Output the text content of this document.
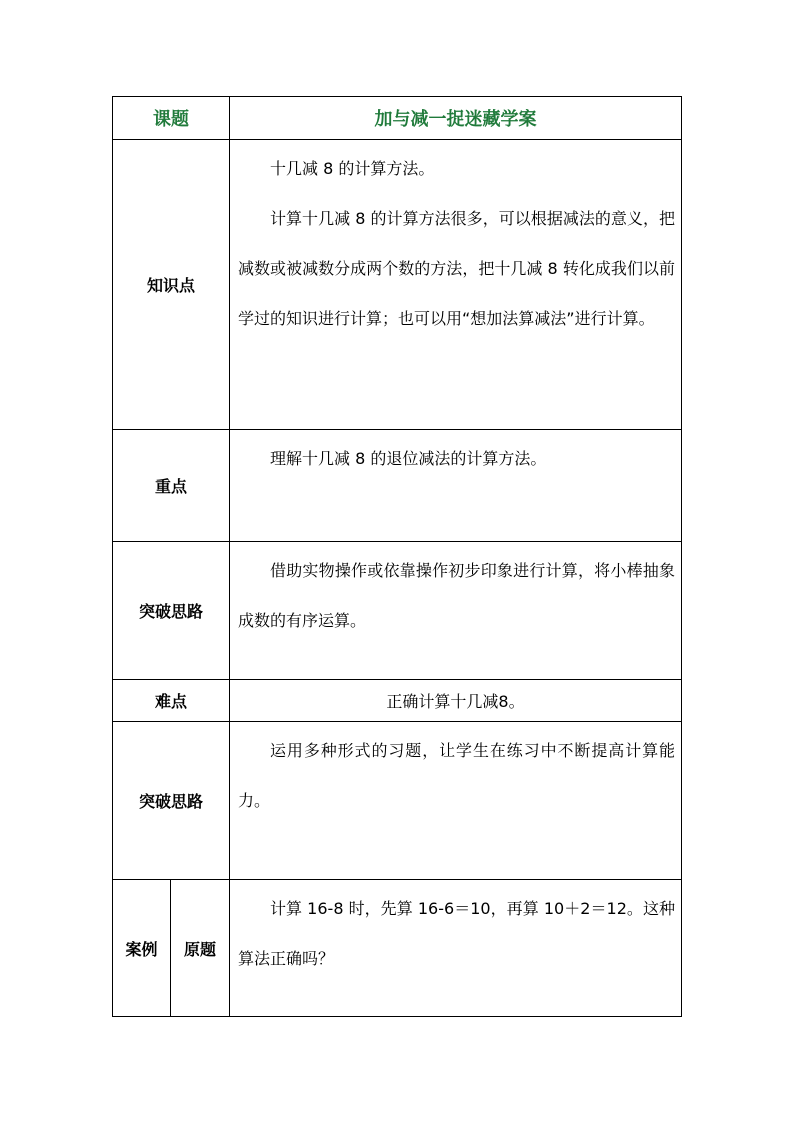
课题		加与减一捉迷藏学案
知识点		十几减 8 的计算方法。

计算十几减 8 的计算方法很多，可以根据减法的意义，把减数或被减数分成两个数的方法，把十几减 8 转化成我们以前学过的知识进行计算；也可以用“想加法算减法”进行计算。

重点		理解十几减 8 的退位减法的计算方法。

突破思路		借助实物操作或依靠操作初步印象进行计算，将小棒抽象成数的有序运算。

难点		正确计算十几减8。
突破思路		运用多种形式的习题，让学生在练习中不断提高计算能力。

案例	原题	计算 16-8 时，先算 16-6＝10，再算 10＋2＝12。这种算法正确吗？
